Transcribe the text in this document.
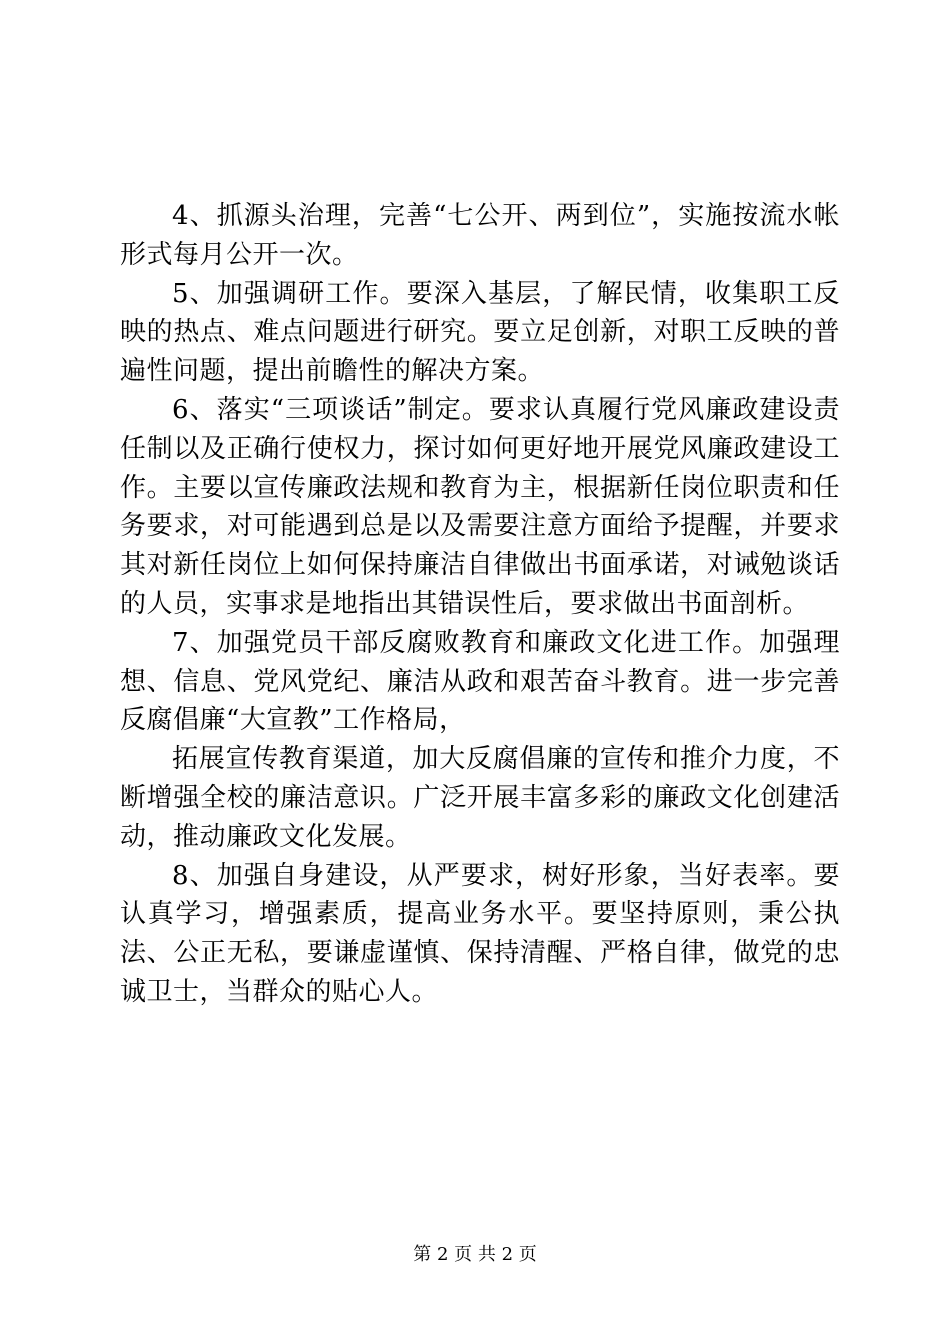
4、抓源头治理，完善“七公开、两到位”，实施按流水帐形式每月公开一次。

5、加强调研工作。要深入基层，了解民情，收集职工反映的热点、难点问题进行研究。要立足创新，对职工反映的普遍性问题，提出前瞻性的解决方案。

6、落实“三项谈话”制定。要求认真履行党风廉政建设责任制以及正确行使权力，探讨如何更好地开展党风廉政建设工作。主要以宣传廉政法规和教育为主，根据新任岗位职责和任务要求，对可能遇到总是以及需要注意方面给予提醒，并要求其对新任岗位上如何保持廉洁自律做出书面承诺，对诫勉谈话的人员，实事求是地指出其错误性后，要求做出书面剖析。

7、加强党员干部反腐败教育和廉政文化进工作。加强理想、信息、党风党纪、廉洁从政和艰苦奋斗教育。进一步完善反腐倡廉“大宣教”工作格局，

拓展宣传教育渠道，加大反腐倡廉的宣传和推介力度，不断增强全校的廉洁意识。广泛开展丰富多彩的廉政文化创建活动，推动廉政文化发展。

8、加强自身建设，从严要求，树好形象，当好表率。要认真学习，增强素质，提高业务水平。要坚持原则，秉公执法、公正无私，要谦虚谨慎、保持清醒、严格自律，做党的忠诚卫士，当群众的贴心人。

第 2 页 共 2 页
